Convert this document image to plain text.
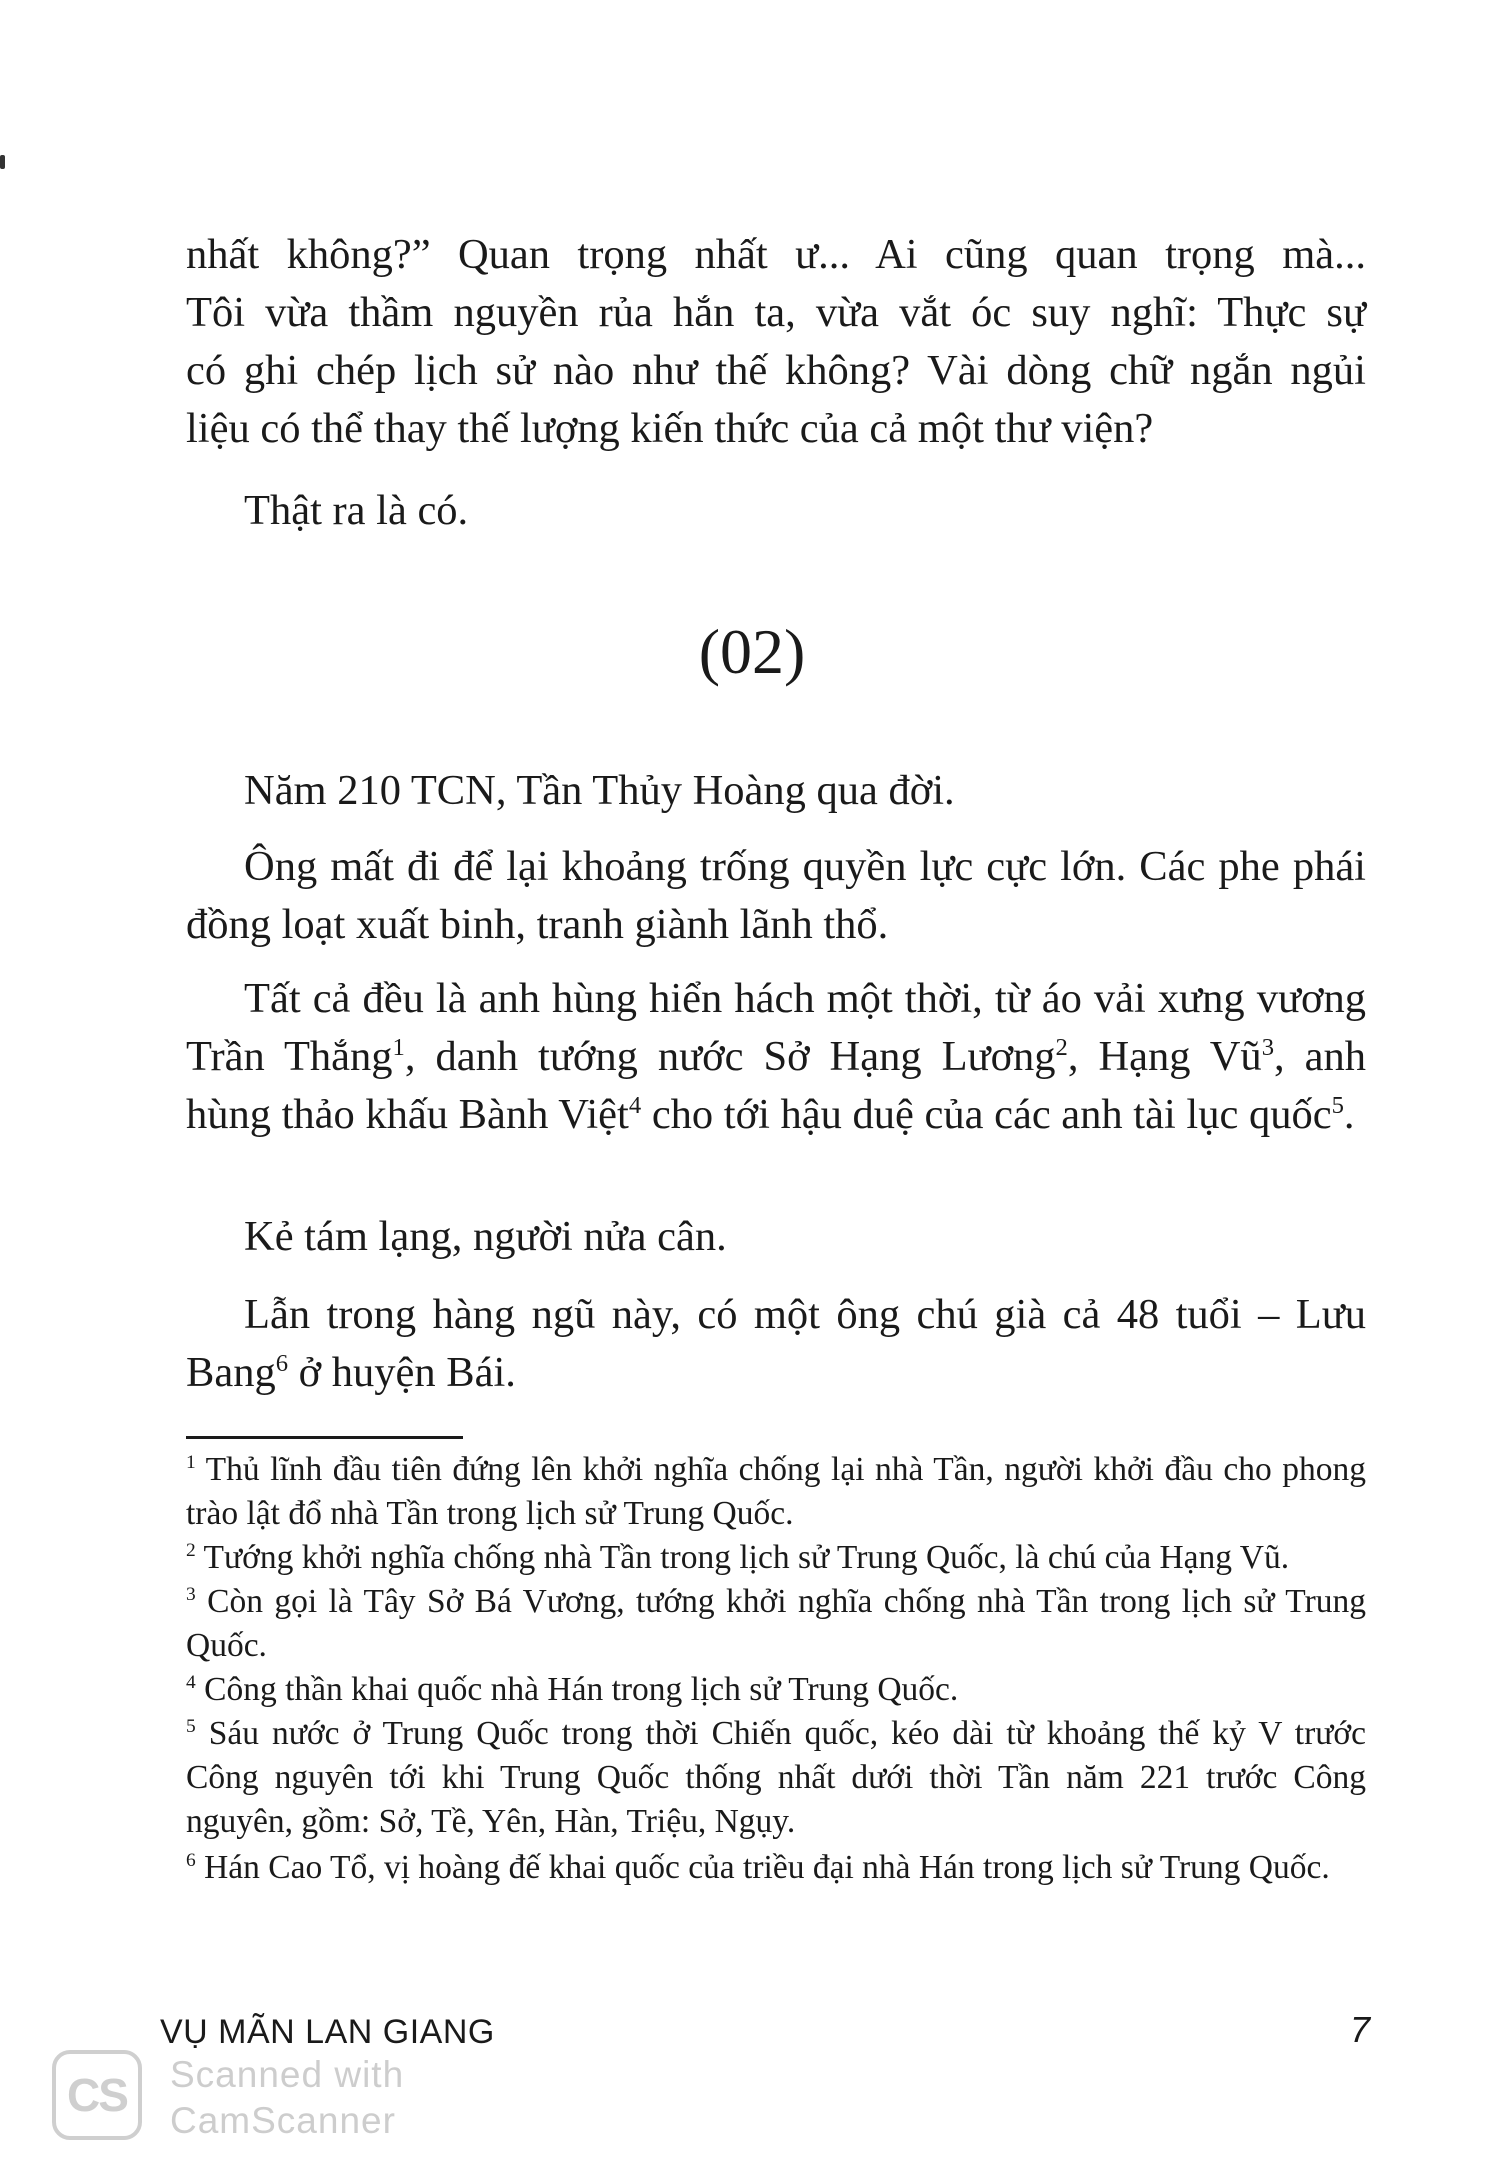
nhất không?” Quan trọng nhất ư... Ai cũng quan trọng mà...
Tôi vừa thầm nguyền rủa hắn ta, vừa vắt óc suy nghĩ: Thực sự
có ghi chép lịch sử nào như thế không? Vài dòng chữ ngắn ngủi
liệu có thể thay thế lượng kiến thức của cả một thư viện?

Thật ra là có.

(02)

Năm 210 TCN, Tần Thủy Hoàng qua đời.

Ông mất đi để lại khoảng trống quyền lực cực lớn. Các phe phái đồng loạt xuất binh, tranh giành lãnh thổ.

Tất cả đều là anh hùng hiển hách một thời, từ áo vải xưng vương Trần Thắng$^1$, danh tướng nước Sở Hạng Lương$^2$, Hạng $Vũ^3$, anh hùng thảo khấu Bành Việt$^4$ cho tới hậu duệ của các anh tài lục quốc$^5$.

Kẻ tám lạng, người nửa cân.

Lẫn trong hàng ngũ này, có một ông chú già cả 48 tuổi – Lưu Bang$^6$ ở huyện Bái.

$^1$ Thủ lĩnh đầu tiên đứng lên khởi nghĩa chống lại nhà Tần, người khởi đầu cho phong trào lật đổ nhà Tần trong lịch sử Trung Quốc.

$^2$ Tướng khởi nghĩa chống nhà Tần trong lịch sử Trung Quốc, là chú của Hạng Vũ.

$^3$ Còn gọi là Tây Sở Bá Vương, tướng khởi nghĩa chống nhà Tần trong lịch sử Trung Quốc.

$^4$ Công thần khai quốc nhà Hán trong lịch sử Trung Quốc.

$^5$ Sáu nước ở Trung Quốc trong thời Chiến quốc, kéo dài từ khoảng thế kỷ V trước Công nguyên tới khi Trung Quốc thống nhất dưới thời Tần năm 221 trước Công nguyên, gồm: Sở, Tề, Yên, Hàn, Triệu, Ngụy.

$^6$ Hán Cao Tổ, vị hoàng đế khai quốc của triều đại nhà Hán trong lịch sử Trung Quốc.

VỤ MÃN LAN GIANG	7

CS	Scanned with

CamScanner
